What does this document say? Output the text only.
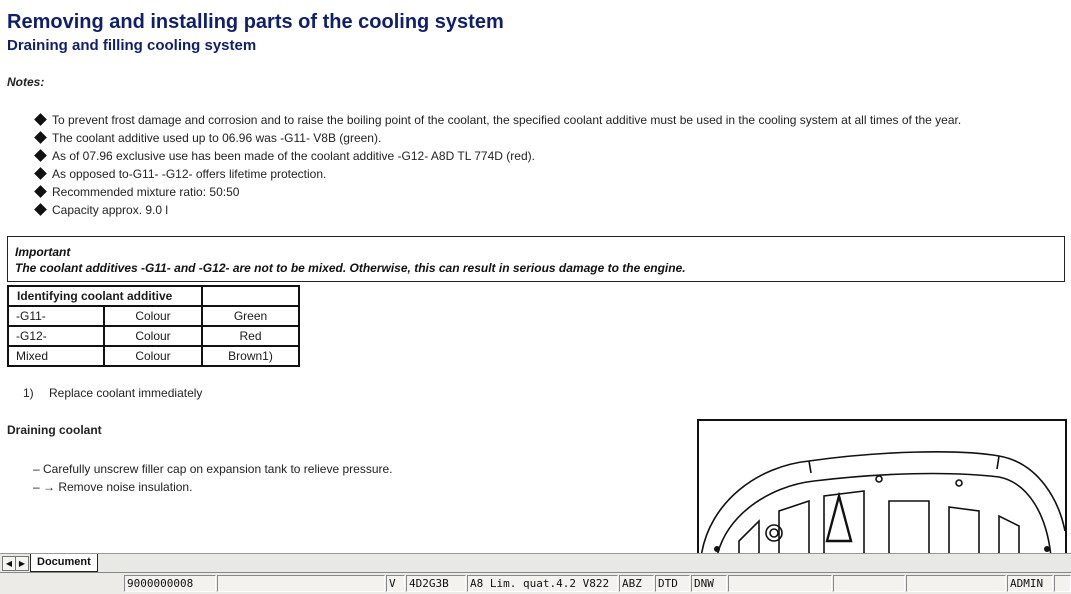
Removing and installing parts of the cooling system
Draining and filling cooling system
Notes:
To prevent frost damage and corrosion and to raise the boiling point of the coolant, the specified coolant additive must be used in the cooling system at all times of the year.
The coolant additive used up to 06.96 was -G11- V8B (green).
As of 07.96 exclusive use has been made of the coolant additive -G12- A8D TL 774D (red).
As opposed to-G11- -G12- offers lifetime protection.
Recommended mixture ratio: 50:50
Capacity approx. 9.0 l
Important
The coolant additives -G11- and -G12- are not to be mixed. Otherwise, this can result in serious damage to the engine.
Identifying coolant additive		
-G11-	Colour	Green
-G12-	Colour	Red
Mixed	Colour	Brown1)
1) Replace coolant immediately
Draining coolant
– Carefully unscrew filler cap on expansion tank to relieve pressure.
– → Remove noise insulation.
◀ ▶	Document
9000000008	V	4D2G3B	A8 Lim. quat.4.2 V822	ABZ	DTD	DNW	ADMIN
